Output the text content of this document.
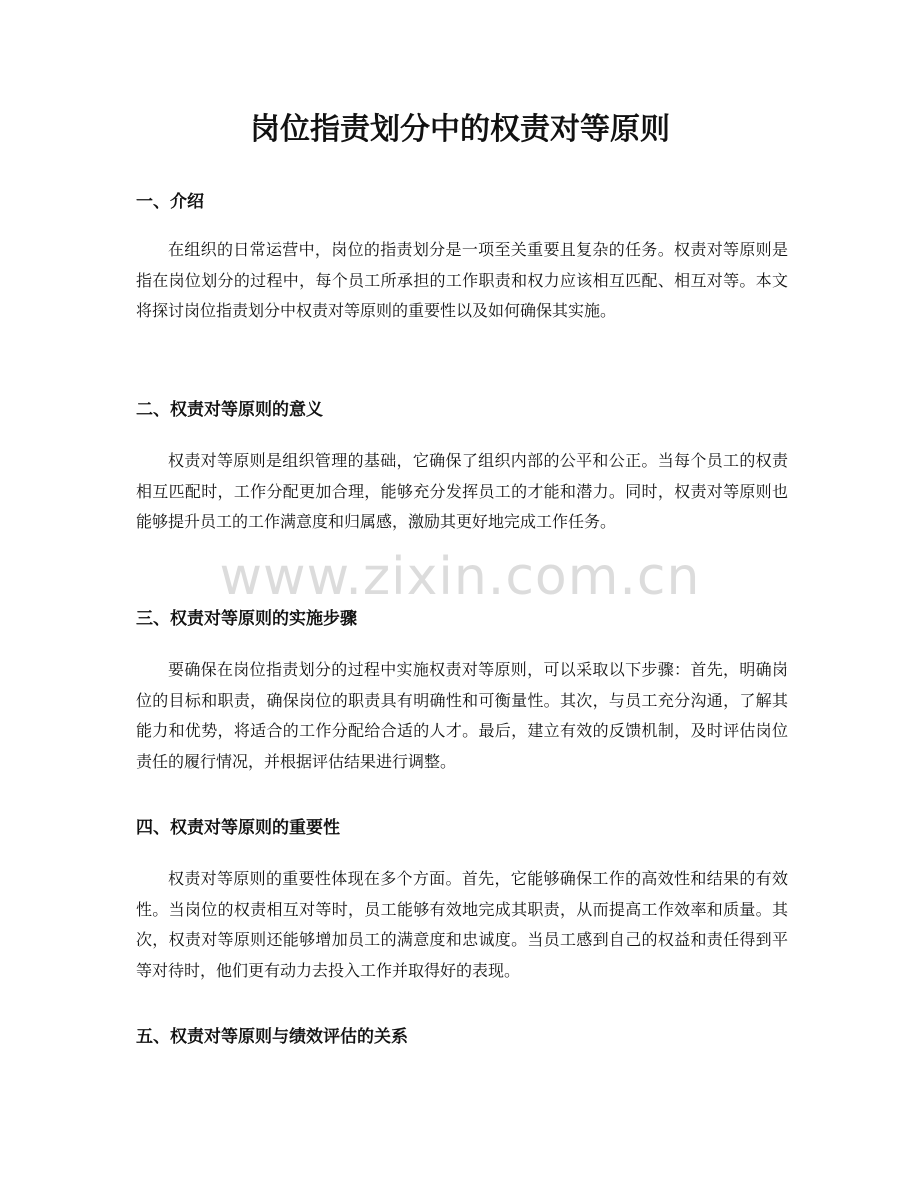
岗位指责划分中的权责对等原则
一、介绍

在组织的日常运营中，岗位的指责划分是一项至关重要且复杂的任务。权责对等原则是指在岗位划分的过程中，每个员工所承担的工作职责和权力应该相互匹配、相互对等。本文将探讨岗位指责划分中权责对等原则的重要性以及如何确保其实施。

二、权责对等原则的意义

权责对等原则是组织管理的基础，它确保了组织内部的公平和公正。当每个员工的权责相互匹配时，工作分配更加合理，能够充分发挥员工的才能和潜力。同时，权责对等原则也能够提升员工的工作满意度和归属感，激励其更好地完成工作任务。

三、权责对等原则的实施步骤

要确保在岗位指责划分的过程中实施权责对等原则，可以采取以下步骤：首先，明确岗位的目标和职责，确保岗位的职责具有明确性和可衡量性。其次，与员工充分沟通，了解其能力和优势，将适合的工作分配给合适的人才。最后，建立有效的反馈机制，及时评估岗位责任的履行情况，并根据评估结果进行调整。

四、权责对等原则的重要性

权责对等原则的重要性体现在多个方面。首先，它能够确保工作的高效性和结果的有效性。当岗位的权责相互对等时，员工能够有效地完成其职责，从而提高工作效率和质量。其次，权责对等原则还能够增加员工的满意度和忠诚度。当员工感到自己的权益和责任得到平等对待时，他们更有动力去投入工作并取得好的表现。

五、权责对等原则与绩效评估的关系
www.zixin.com.cn
